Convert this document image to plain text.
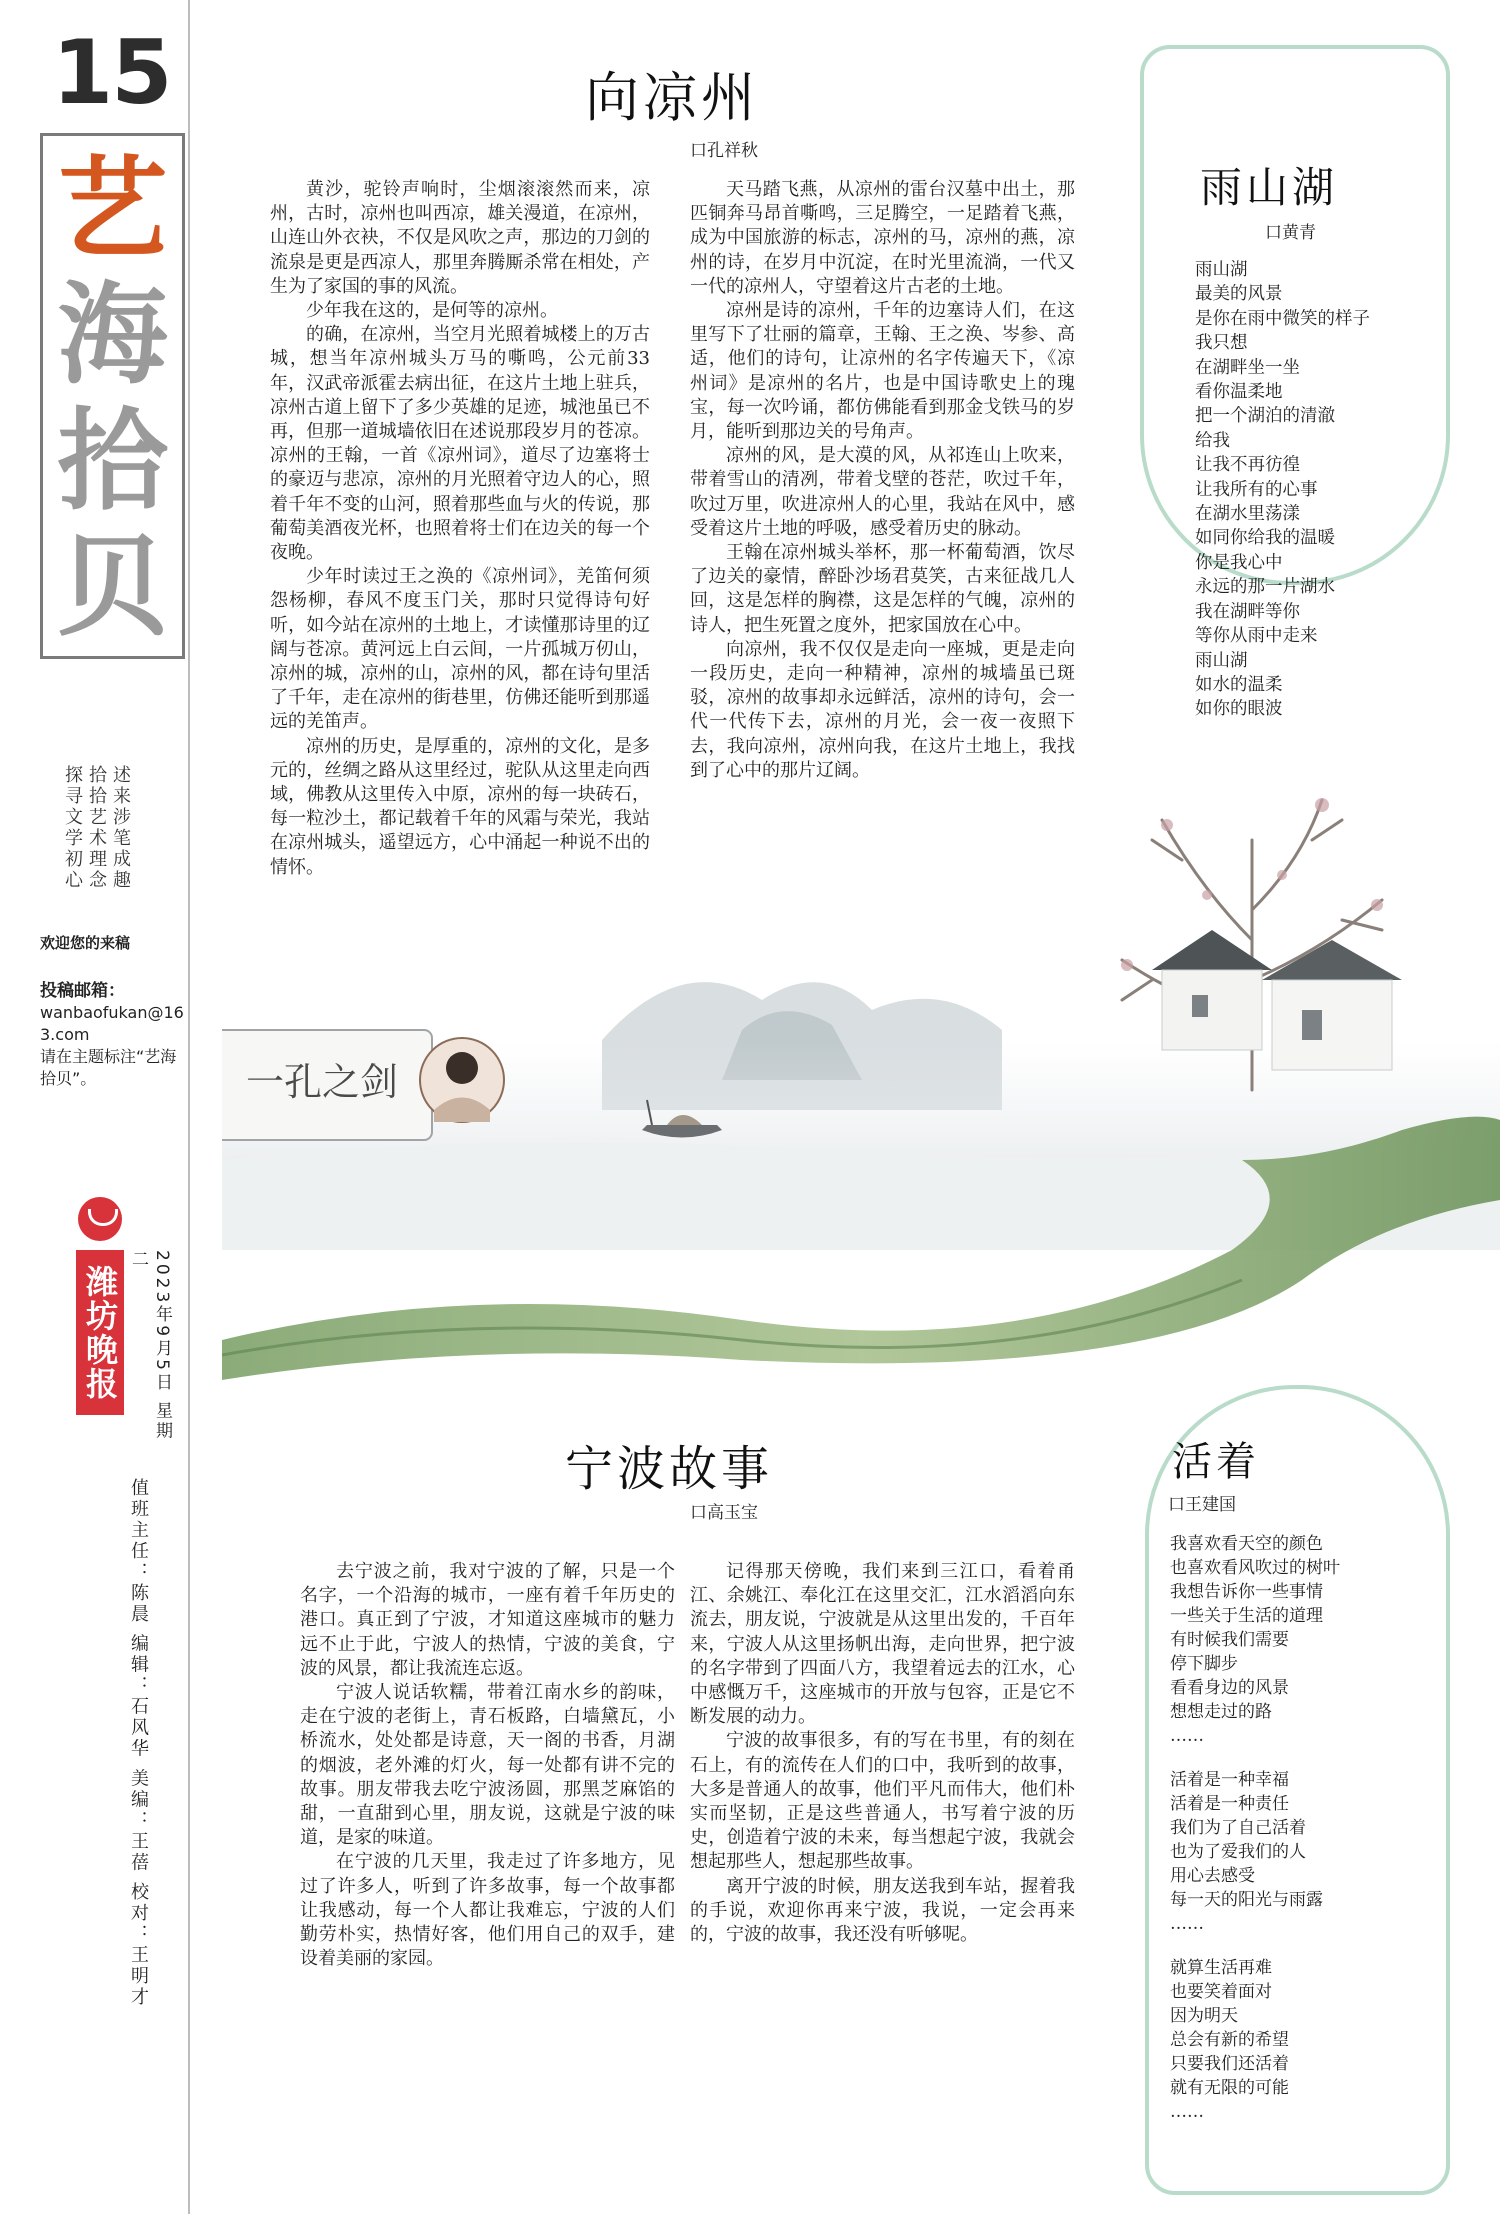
15
艺
海
拾
贝
述来涉笔成趣 拾拾艺术理念 探寻文学初心
欢迎您的来稿
投稿邮箱：
wanbaofukan@163.com
请在主题标注“艺海拾贝”。
潍坊晚报	2023年9月5日 星期二
值班主任：陈晨 编辑：石风华 美编：王蓓 校对：王明才
向凉州
口孔祥秋

黄沙，驼铃声响时，尘烟滚滚然而来，凉州，古时，凉州也叫西凉，雄关漫道，在凉州，山连山外衣袂，不仅是风吹之声，那边的刀剑的流泉是更是西凉人，那里奔腾厮杀常在相处，产生为了家国的事的风流。

少年我在这的，是何等的凉州。

的确，在凉州，当空月光照着城楼上的万古城，想当年凉州城头万马的嘶鸣，公元前33年，汉武帝派霍去病出征，在这片土地上驻兵，凉州古道上留下了多少英雄的足迹，城池虽已不再，但那一道城墙依旧在述说那段岁月的苍凉。凉州的王翰，一首《凉州词》，道尽了边塞将士的豪迈与悲凉，凉州的月光照着守边人的心，照着千年不变的山河，照着那些血与火的传说，那葡萄美酒夜光杯，也照着将士们在边关的每一个夜晚。

少年时读过王之涣的《凉州词》，羌笛何须怨杨柳，春风不度玉门关，那时只觉得诗句好听，如今站在凉州的土地上，才读懂那诗里的辽阔与苍凉。黄河远上白云间，一片孤城万仞山，凉州的城，凉州的山，凉州的风，都在诗句里活了千年，走在凉州的街巷里，仿佛还能听到那遥远的羌笛声。

凉州的历史，是厚重的，凉州的文化，是多元的，丝绸之路从这里经过，驼队从这里走向西域，佛教从这里传入中原，凉州的每一块砖石，每一粒沙土，都记载着千年的风霜与荣光，我站在凉州城头，遥望远方，心中涌起一种说不出的情怀。

天马踏飞燕，从凉州的雷台汉墓中出土，那匹铜奔马昂首嘶鸣，三足腾空，一足踏着飞燕，成为中国旅游的标志，凉州的马，凉州的燕，凉州的诗，在岁月中沉淀，在时光里流淌，一代又一代的凉州人，守望着这片古老的土地。

凉州是诗的凉州，千年的边塞诗人们，在这里写下了壮丽的篇章，王翰、王之涣、岑参、高适，他们的诗句，让凉州的名字传遍天下，《凉州词》是凉州的名片，也是中国诗歌史上的瑰宝，每一次吟诵，都仿佛能看到那金戈铁马的岁月，能听到那边关的号角声。

凉州的风，是大漠的风，从祁连山上吹来，带着雪山的清冽，带着戈壁的苍茫，吹过千年，吹过万里，吹进凉州人的心里，我站在风中，感受着这片土地的呼吸，感受着历史的脉动。

王翰在凉州城头举杯，那一杯葡萄酒，饮尽了边关的豪情，醉卧沙场君莫笑，古来征战几人回，这是怎样的胸襟，这是怎样的气魄，凉州的诗人，把生死置之度外，把家国放在心中。

向凉州，我不仅仅是走向一座城，更是走向一段历史，走向一种精神，凉州的城墙虽已斑驳，凉州的故事却永远鲜活，凉州的诗句，会一代一代传下去，凉州的月光，会一夜一夜照下去，我向凉州，凉州向我，在这片土地上，我找到了心中的那片辽阔。

雨山湖
口黄青
雨山湖
最美的风景
是你在雨中微笑的样子
我只想
在湖畔坐一坐
看你温柔地
把一个湖泊的清澈
给我
让我不再彷徨
让我所有的心事
在湖水里荡漾
如同你给我的温暖
你是我心中
永远的那一片湖水
我在湖畔等你
等你从雨中走来
雨山湖
如水的温柔
如你的眼波
一孔之剑
宁波故事
口高玉宝

去宁波之前，我对宁波的了解，只是一个名字，一个沿海的城市，一座有着千年历史的港口。真正到了宁波，才知道这座城市的魅力远不止于此，宁波人的热情，宁波的美食，宁波的风景，都让我流连忘返。

宁波人说话软糯，带着江南水乡的韵味，走在宁波的老街上，青石板路，白墙黛瓦，小桥流水，处处都是诗意，天一阁的书香，月湖的烟波，老外滩的灯火，每一处都有讲不完的故事。朋友带我去吃宁波汤圆，那黑芝麻馅的甜，一直甜到心里，朋友说，这就是宁波的味道，是家的味道。

在宁波的几天里，我走过了许多地方，见过了许多人，听到了许多故事，每一个故事都让我感动，每一个人都让我难忘，宁波的人们勤劳朴实，热情好客，他们用自己的双手，建设着美丽的家园。

记得那天傍晚，我们来到三江口，看着甬江、余姚江、奉化江在这里交汇，江水滔滔向东流去，朋友说，宁波就是从这里出发的，千百年来，宁波人从这里扬帆出海，走向世界，把宁波的名字带到了四面八方，我望着远去的江水，心中感慨万千，这座城市的开放与包容，正是它不断发展的动力。

宁波的故事很多，有的写在书里，有的刻在石上，有的流传在人们的口中，我听到的故事，大多是普通人的故事，他们平凡而伟大，他们朴实而坚韧，正是这些普通人，书写着宁波的历史，创造着宁波的未来，每当想起宁波，我就会想起那些人，想起那些故事。

离开宁波的时候，朋友送我到车站，握着我的手说，欢迎你再来宁波，我说，一定会再来的，宁波的故事，我还没有听够呢。

活着
口王建国
我喜欢看天空的颜色
也喜欢看风吹过的树叶
我想告诉你一些事情
一些关于生活的道理
有时候我们需要
停下脚步
看看身边的风景
想想走过的路
……
活着是一种幸福
活着是一种责任
我们为了自己活着
也为了爱我们的人
用心去感受
每一天的阳光与雨露
……
就算生活再难
也要笑着面对
因为明天
总会有新的希望
只要我们还活着
就有无限的可能
……
